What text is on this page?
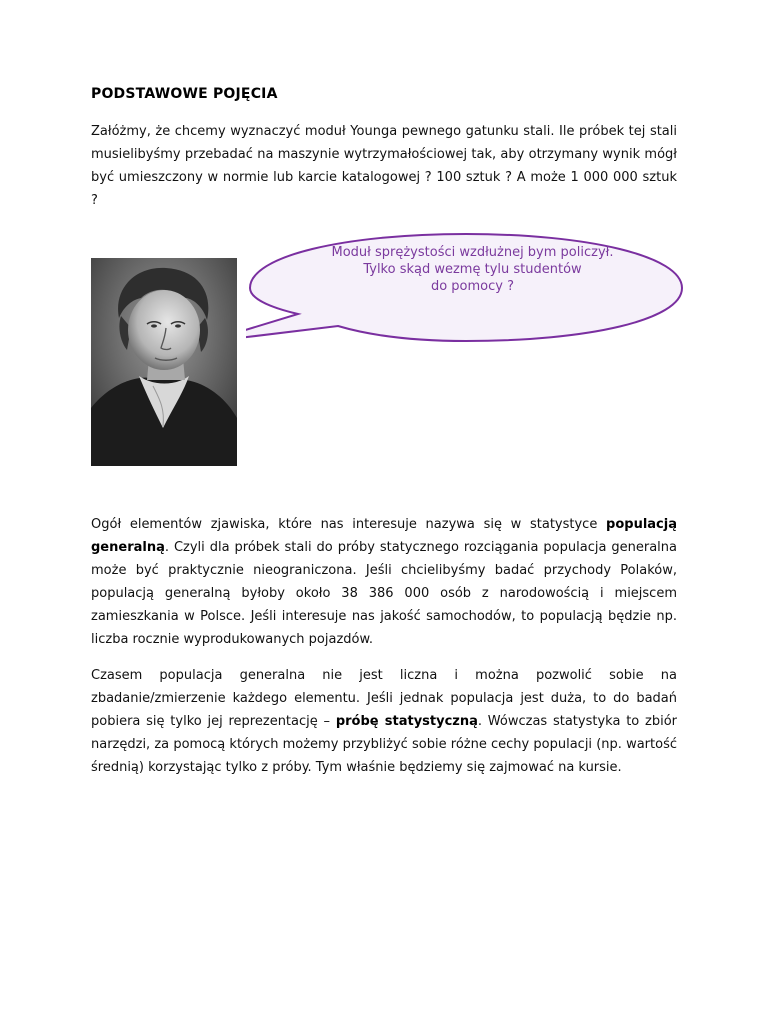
PODSTAWOWE POJĘCIA

Załóżmy, że chcemy wyznaczyć moduł Younga pewnego gatunku stali. Ile próbek tej stali musielibyśmy przebadać na maszynie wytrzymałościowej tak, aby otrzymany wynik mógł być umieszczony w normie lub karcie katalogowej ? 100 sztuk ? A może 1 000 000 sztuk ?

Moduł sprężystości wzdłużnej bym policzył.
Tylko skąd wezmę tylu studentów
do pomocy ?

Ogół elementów zjawiska, które nas interesuje nazywa się w statystyce populacją generalną. Czyli dla próbek stali do próby statycznego rozciągania populacja generalna może być praktycznie nieograniczona. Jeśli chcielibyśmy badać przychody Polaków, populacją generalną byłoby około 38 386 000 osób z narodowością i miejscem zamieszkania w Polsce. Jeśli interesuje nas jakość samochodów, to populacją będzie np. liczba rocznie wyprodukowanych pojazdów.

Czasem populacja generalna nie jest liczna i można pozwolić sobie na zbadanie/zmierzenie każdego elementu. Jeśli jednak populacja jest duża, to do badań pobiera się tylko jej reprezentację – próbę statystyczną. Wówczas statystyka to zbiór narzędzi, za pomocą których możemy przybliżyć sobie różne cechy populacji (np. wartość średnią) korzystając tylko z próby. Tym właśnie będziemy się zajmować na kursie.
